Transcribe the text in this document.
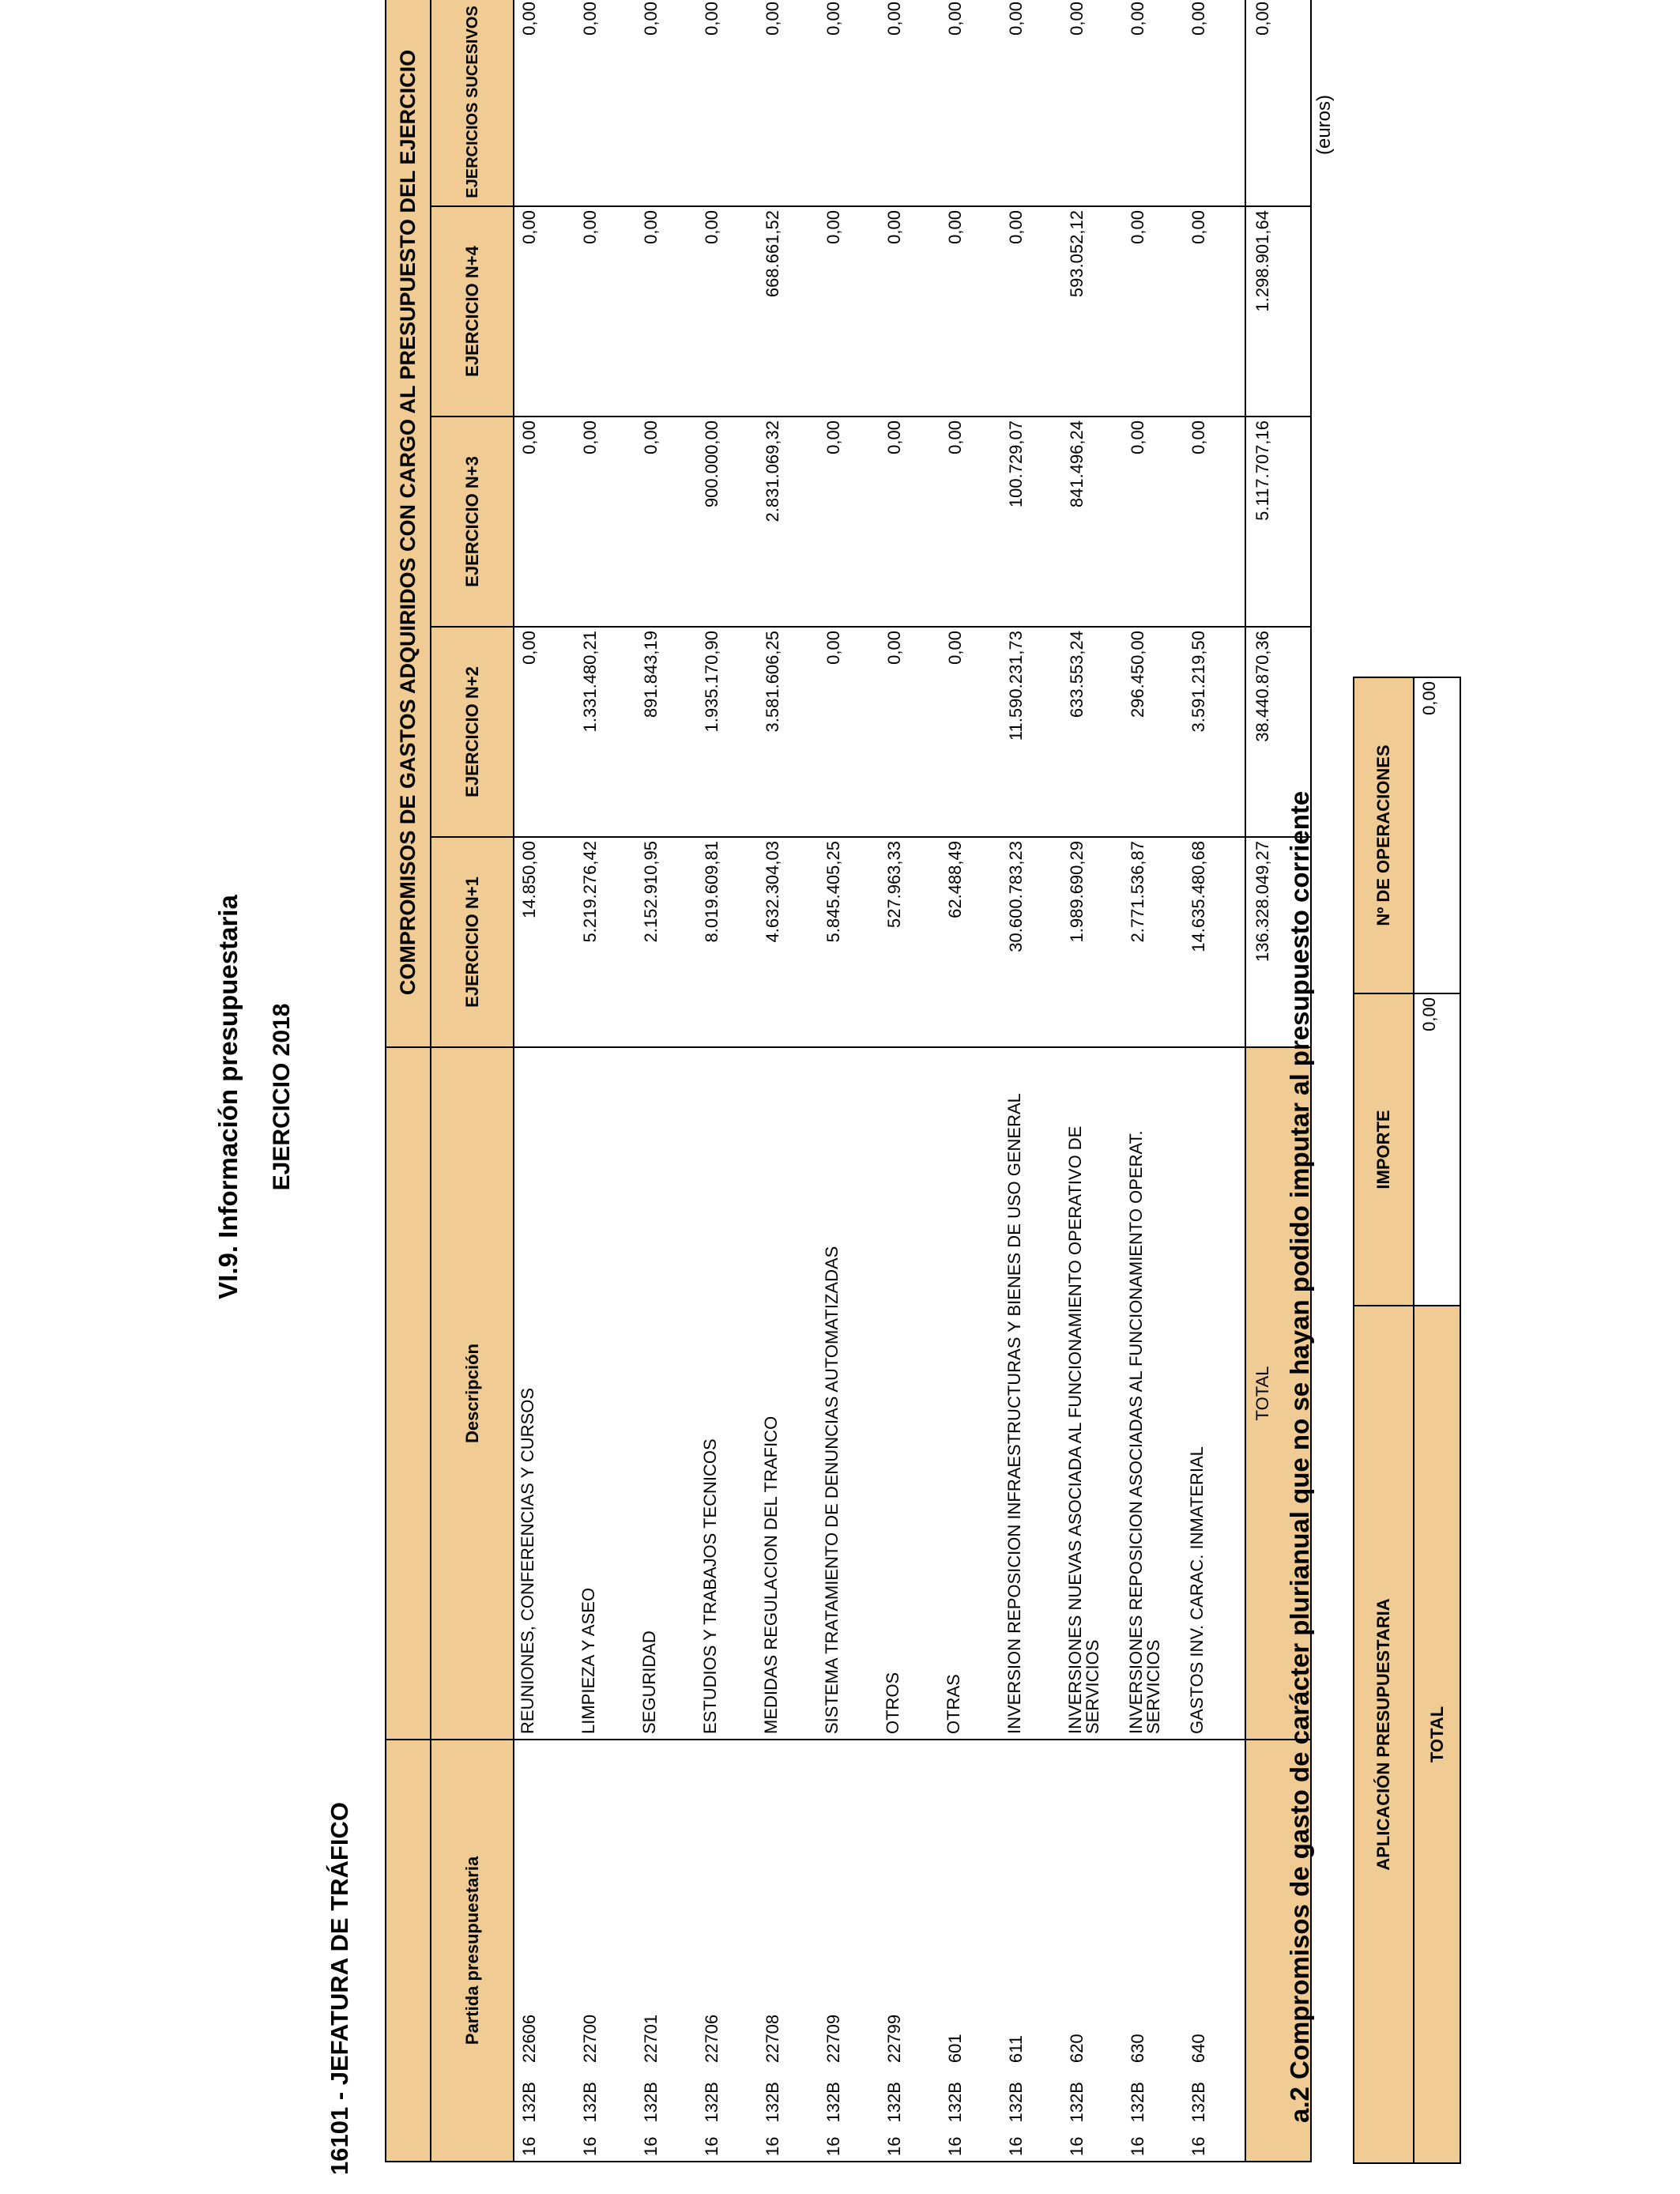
VI.9. Información presupuestaria EJERCICIO 2018
16101 - JEFATURA DE TRÁFICO
(euros)
		COMPROMISOS DE GASTOS ADQUIRIDOS CON CARGO AL PRESUPUESTO DEL EJERCICIO				
Partida presupuestaria	Descripción	EJERCICIO N+1	EJERCICIO N+2	EJERCICIO N+3	EJERCICIO N+4	EJERCICIOS SUCESIVOS
16132B22606	REUNIONES, CONFERENCIAS Y CURSOS	14.850,00	0,00	0,00	0,00	0,00
16132B22700	LIMPIEZA Y ASEO	5.219.276,42	1.331.480,21	0,00	0,00	0,00
16132B22701	SEGURIDAD	2.152.910,95	891.843,19	0,00	0,00	0,00
16132B22706	ESTUDIOS Y TRABAJOS TECNICOS	8.019.609,81	1.935.170,90	900.000,00	0,00	0,00
16132B22708	MEDIDAS REGULACION DEL TRAFICO	4.632.304,03	3.581.606,25	2.831.069,32	668.661,52	0,00
16132B22709	SISTEMA TRATAMIENTO DE DENUNCIAS AUTOMATIZADAS	5.845.405,25	0,00	0,00	0,00	0,00
16132B22799	OTROS	527.963,33	0,00	0,00	0,00	0,00
16132B601	OTRAS	62.488,49	0,00	0,00	0,00	0,00
16132B611	INVERSION REPOSICION INFRAESTRUCTURAS Y BIENES DE USO GENERAL	30.600.783,23	11.590.231,73	100.729,07	0,00	0,00
16132B620	INVERSIONES NUEVAS ASOCIADA AL FUNCIONAMIENTO OPERATIVO DE SERVICIOS	1.989.690,29	633.553,24	841.496,24	593.052,12	0,00
16132B630	INVERSIONES REPOSICION ASOCIADAS AL FUNCIONAMIENTO OPERAT. SERVICIOS	2.771.536,87	296.450,00	0,00	0,00	0,00
16132B640	GASTOS INV. CARAC. INMATERIAL	14.635.480,68	3.591.219,50	0,00	0,00	0,00
	TOTAL	136.328.049,27	38.440.870,36	5.117.707,16	1.298.901,64	0,00
a.2 Compromisos de gasto de carácter plurianual que no se hayan podido imputar al presupuesto corriente	APLICACIÓN PRESUPUESTARIA	IMPORTE	Nº DE OPERACIONES
TOTAL	0,00	0,00
